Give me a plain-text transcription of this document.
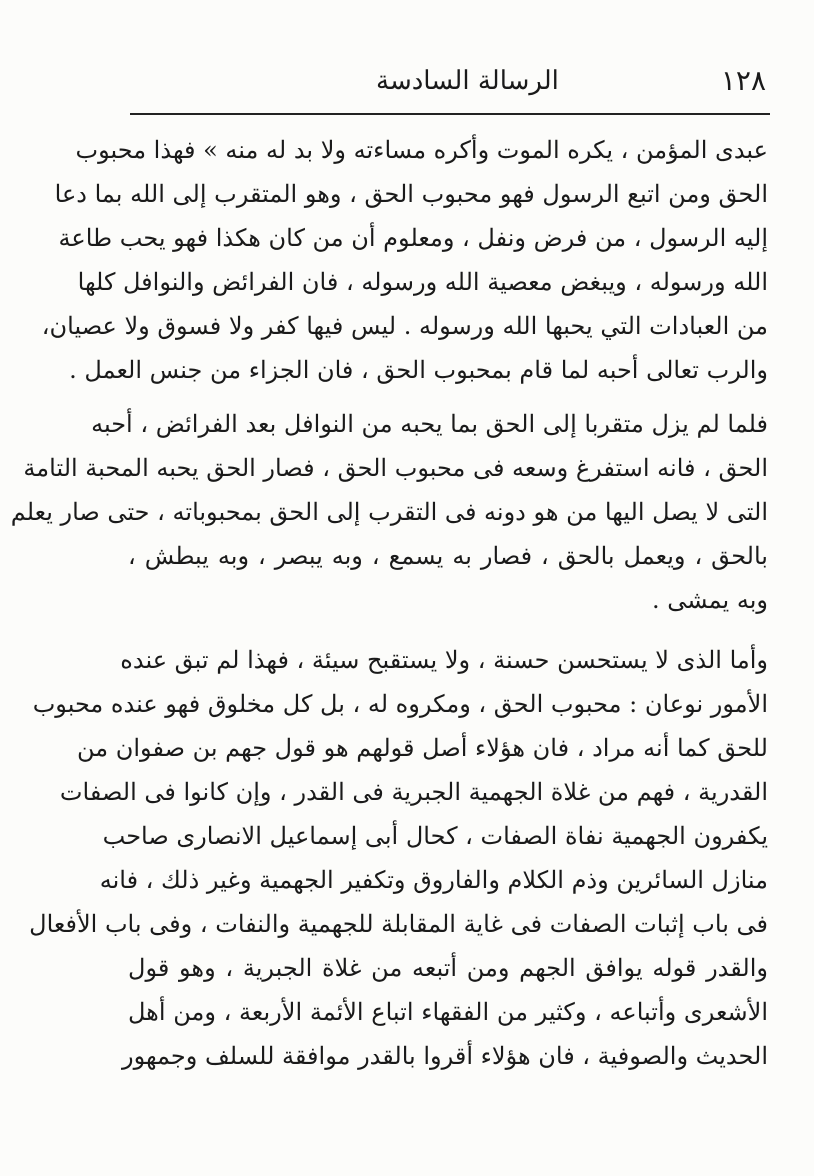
١٢٨
الرسالة السادسة
عبدى المؤمن ، يكره الموت وأكره مساءته ولا بد له منه » فهذا محبوب
الحق ومن اتبع الرسول فهو محبوب الحق ، وهو المتقرب إلى الله بما دعا
إليه الرسول ، من فرض ونفل ، ومعلوم أن من كان هكذا فهو يحب طاعة
الله ورسوله ، ويبغض معصية الله ورسوله ، فان الفرائض والنوافل كلها
من العبادات التي يحبها الله ورسوله . ليس فيها كفر ولا فسوق ولا عصيان،
والرب تعالى أحبه لما قام بمحبوب الحق ، فان الجزاء من جنس العمل .
فلما لم يزل متقربا إلى الحق بما يحبه من النوافل بعد الفرائض ، أحبه
الحق ، فانه استفرغ وسعه فى محبوب الحق ، فصار الحق يحبه المحبة التامة
التى لا يصل اليها من هو دونه فى التقرب إلى الحق بمحبوباته ، حتى صار يعلم
بالحق ، ويعمل بالحق ، فصار به يسمع ، وبه يبصر ، وبه يبطش ،
وبه يمشى .
وأما الذى لا يستحسن حسنة ، ولا يستقبح سيئة ، فهذا لم تبق عنده
الأمور نوعان : محبوب الحق ، ومكروه له ، بل كل مخلوق فهو عنده محبوب
للحق كما أنه مراد ، فان هؤلاء أصل قولهم هو قول جهم بن صفوان من
القدرية ، فهم من غلاة الجهمية الجبرية فى القدر ، وإن كانوا فى الصفات
يكفرون الجهمية نفاة الصفات ، كحال أبى إسماعيل الانصارى صاحب
منازل السائرين وذم الكلام والفاروق وتكفير الجهمية وغير ذلك ، فانه
فى باب إثبات الصفات فى غاية المقابلة للجهمية والنفات ، وفى باب الأفعال
والقدر قوله يوافق الجهم ومن أتبعه من غلاة الجبرية ، وهو قول
الأشعرى وأتباعه ، وكثير من الفقهاء اتباع الأئمة الأربعة ، ومن أهل
الحديث والصوفية ، فان هؤلاء أقروا بالقدر موافقة للسلف وجمهور
